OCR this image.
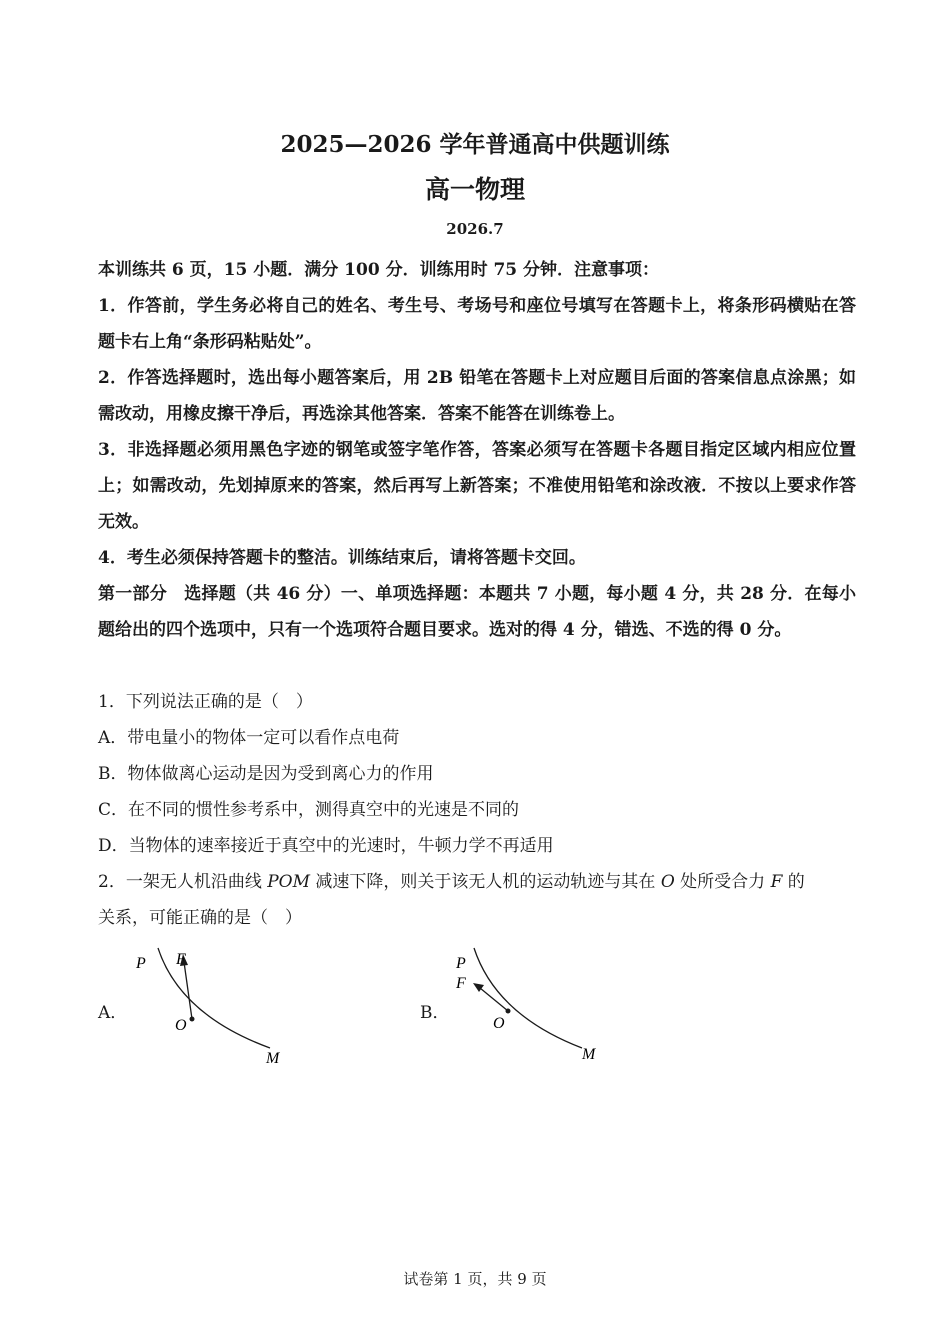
2025—2026 学年普通高中供题训练
高一物理
2026.7
本训练共 6 页，15 小题．满分 100 分．训练用时 75 分钟．注意事项：
1．作答前，学生务必将自己的姓名、考生号、考场号和座位号填写在答题卡上，将条形码横贴在答题卡右上角“条形码粘贴处”。
2．作答选择题时，选出每小题答案后，用 2B 铅笔在答题卡上对应题目后面的答案信息点涂黑；如需改动，用橡皮擦干净后，再选涂其他答案．答案不能答在训练卷上。
3．非选择题必须用黑色字迹的钢笔或签字笔作答，答案必须写在答题卡各题目指定区域内相应位置上；如需改动，先划掉原来的答案，然后再写上新答案；不准使用铅笔和涂改液．不按以上要求作答无效。
4．考生必须保持答题卡的整洁。训练结束后，请将答题卡交回。
第一部分　选择题（共 46 分）一、单项选择题：本题共 7 小题，每小题 4 分，共 28 分．在每小题给出的四个选项中，只有一个选项符合题目要求。选对的得 4 分，错选、不选的得 0 分。
1．下列说法正确的是（　）
A．带电量小的物体一定可以看作点电荷
B．物体做离心运动是因为受到离心力的作用
C．在不同的惯性参考系中，测得真空中的光速是不同的
D．当物体的速率接近于真空中的光速时，牛顿力学不再适用
2．一架无人机沿曲线 POM 减速下降，则关于该无人机的运动轨迹与其在 O 处所受合力 F 的
关系，可能正确的是（　）
A．	B．
P F
O
M
P
F
O
M
试卷第 1 页，共 9 页
